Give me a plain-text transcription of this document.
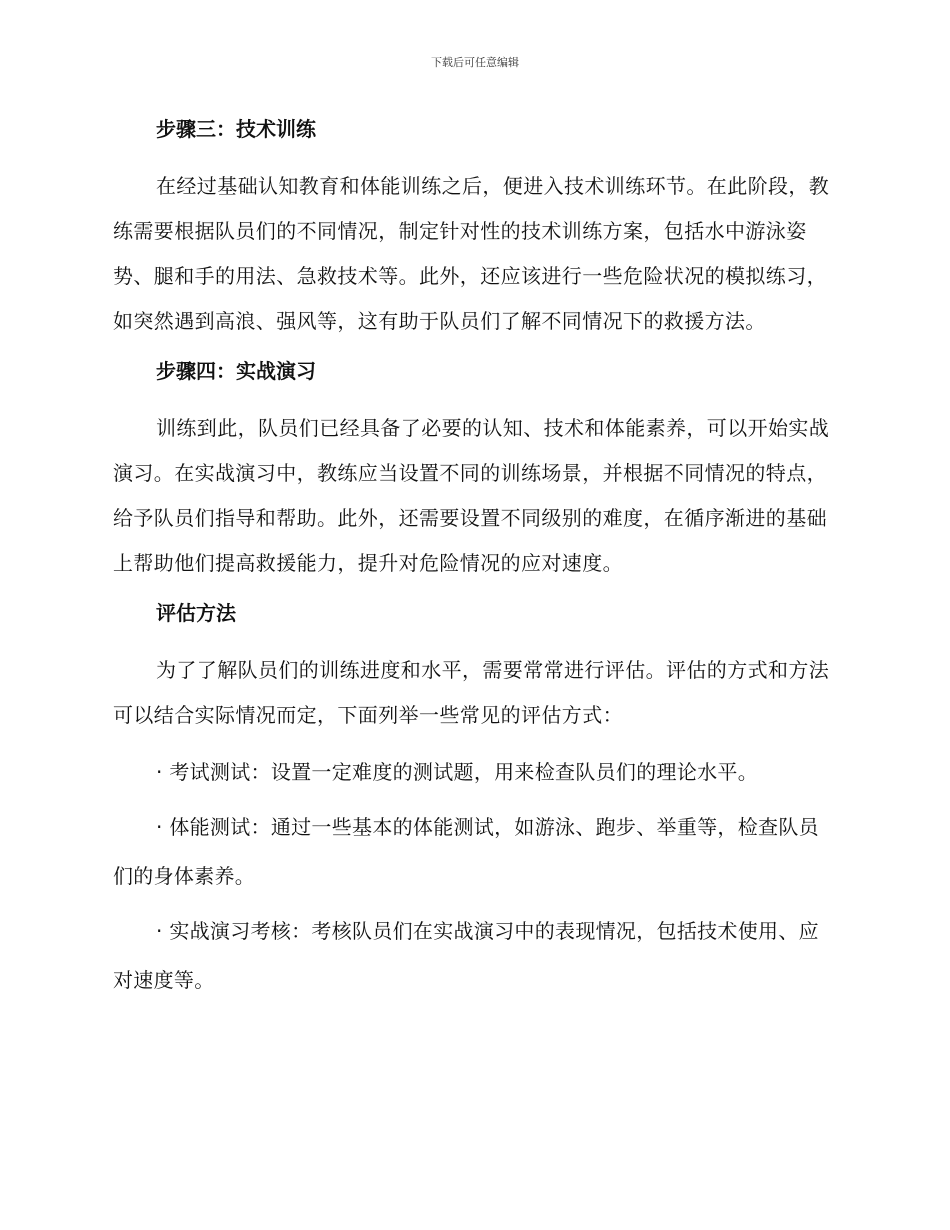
下载后可任意编辑
步骤三：技术训练

在经过基础认知教育和体能训练之后，便进入技术训练环节。在此阶段，教练需要根据队员们的不同情况，制定针对性的技术训练方案，包括水中游泳姿势、腿和手的用法、急救技术等。此外，还应该进行一些危险状况的模拟练习，如突然遇到高浪、强风等，这有助于队员们了解不同情况下的救援方法。

步骤四：实战演习

训练到此，队员们已经具备了必要的认知、技术和体能素养，可以开始实战演习。在实战演习中，教练应当设置不同的训练场景，并根据不同情况的特点，给予队员们指导和帮助。此外，还需要设置不同级别的难度，在循序渐进的基础上帮助他们提高救援能力，提升对危险情况的应对速度。

评估方法

为了了解队员们的训练进度和水平，需要常常进行评估。评估的方式和方法可以结合实际情况而定，下面列举一些常见的评估方式：

· 考试测试：设置一定难度的测试题，用来检查队员们的理论水平。

· 体能测试：通过一些基本的体能测试，如游泳、跑步、举重等，检查队员们的身体素养。

· 实战演习考核：考核队员们在实战演习中的表现情况，包括技术使用、应对速度等。
